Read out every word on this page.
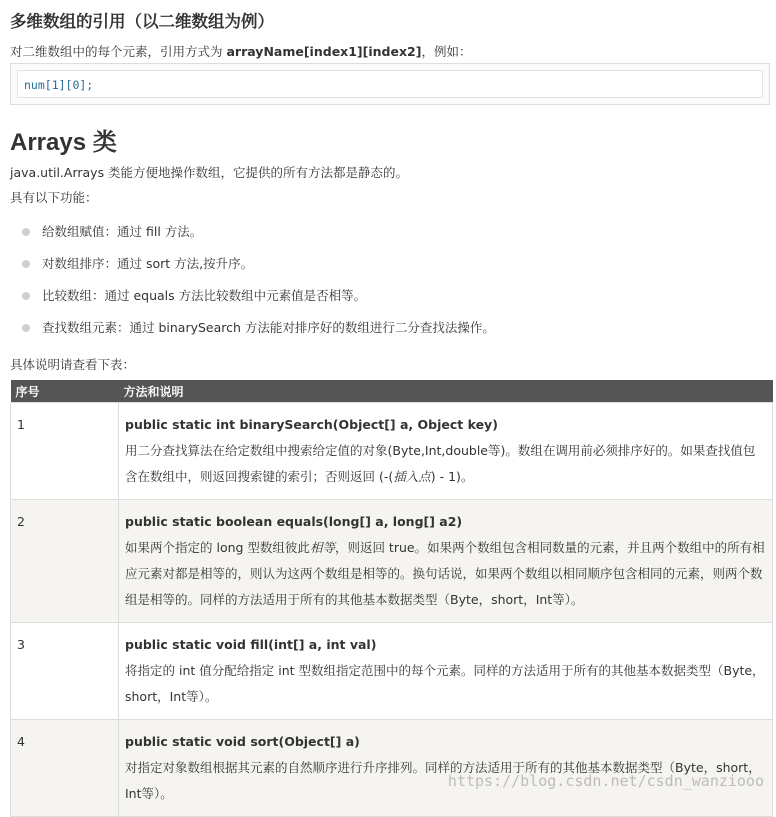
多维数组的引用（以二维数组为例）
对二维数组中的每个元素，引用方式为 arrayName[index1][index2]，例如：
num[1][0];
Arrays 类
java.util.Arrays 类能方便地操作数组，它提供的所有方法都是静态的。
具有以下功能：
给数组赋值：通过 fill 方法。
对数组排序：通过 sort 方法,按升序。
比较数组：通过 equals 方法比较数组中元素值是否相等。
查找数组元素：通过 binarySearch 方法能对排序好的数组进行二分查找法操作。
具体说明请查看下表：
序号	方法和说明
1	public static int binarySearch(Object[] a, Object key)
用二分查找算法在给定数组中搜索给定值的对象(Byte,Int,double等)。数组在调用前必须排序好的。如果查找值包含在数组中，则返回搜索键的索引；否则返回 (-(插入点) - 1)。
2	public static boolean equals(long[] a, long[] a2)
如果两个指定的 long 型数组彼此相等，则返回 true。如果两个数组包含相同数量的元素，并且两个数组中的所有相应元素对都是相等的，则认为这两个数组是相等的。换句话说，如果两个数组以相同顺序包含相同的元素，则两个数组是相等的。同样的方法适用于所有的其他基本数据类型（Byte，short，Int等）。
3	public static void fill(int[] a, int val)
将指定的 int 值分配给指定 int 型数组指定范围中的每个元素。同样的方法适用于所有的其他基本数据类型（Byte，short，Int等）。
4	public static void sort(Object[] a)
对指定对象数组根据其元素的自然顺序进行升序排列。同样的方法适用于所有的其他基本数据类型（Byte，short，Int等）。
https://blog.csdn.net/csdn_wanziooo
